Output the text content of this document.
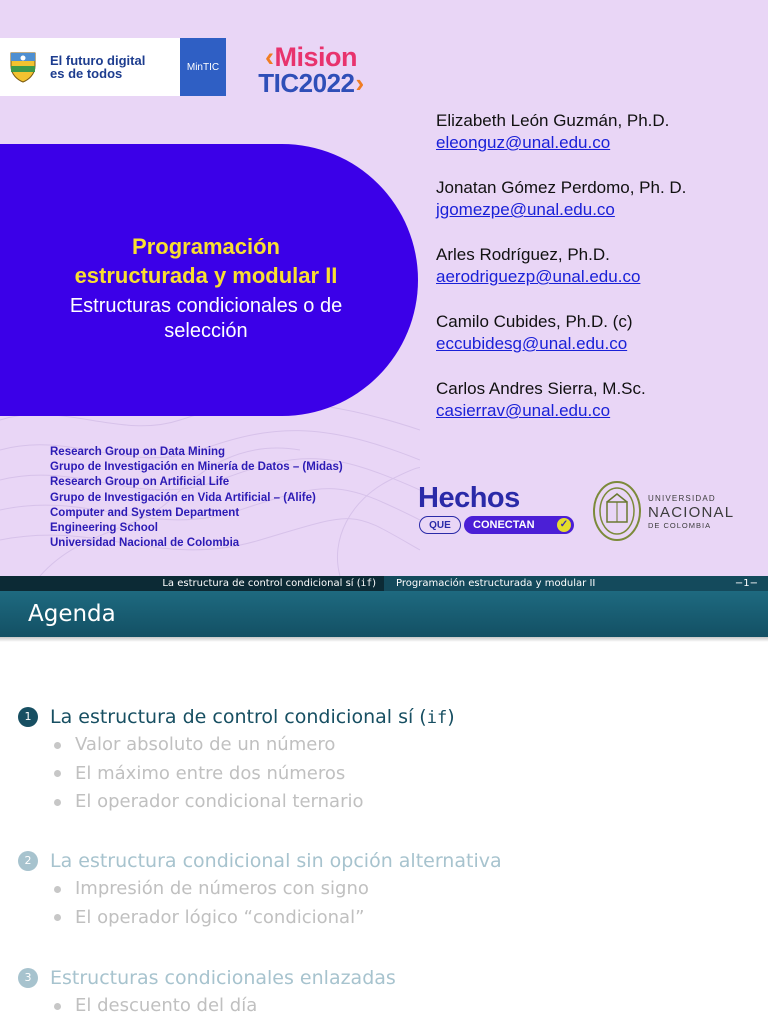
El futuro digital
es de todos	MinTIC
‹	Mision
TIC2022 ›
Programación
estructurada y modular II
Estructuras condicionales o de
selección
Elizabeth León Guzmán, Ph.D.
eleonguz@unal.edu.co
Jonatan Gómez Perdomo, Ph. D.
jgomezpe@unal.edu.co
Arles Rodríguez, Ph.D.
aerodriguezp@unal.edu.co
Camilo Cubides, Ph.D. (c)
eccubidesg@unal.edu.co
Carlos Andres Sierra, M.Sc.
casierrav@unal.edu.co
Research Group on Data Mining
Grupo de Investigación en Minería de Datos – (Midas)
Research Group on Artificial Life
Grupo de Investigación en Vida Artificial – (Alife)
Computer and System Department
Engineering School
Universidad Nacional de Colombia
Hechos
QUE	CONECTAN	✓
UNIVERSIDAD
NACIONAL
DE COLOMBIA
La estructura de control condicional sí (if)	Programación estructurada y modular II	−1−
Agenda
1 La estructura de control condicional sí (if)
Valor absoluto de un número
El máximo entre dos números
El operador condicional ternario
2 La estructura condicional sin opción alternativa
Impresión de números con signo
El operador lógico “condicional”
3 Estructuras condicionales enlazadas
El descuento del día
